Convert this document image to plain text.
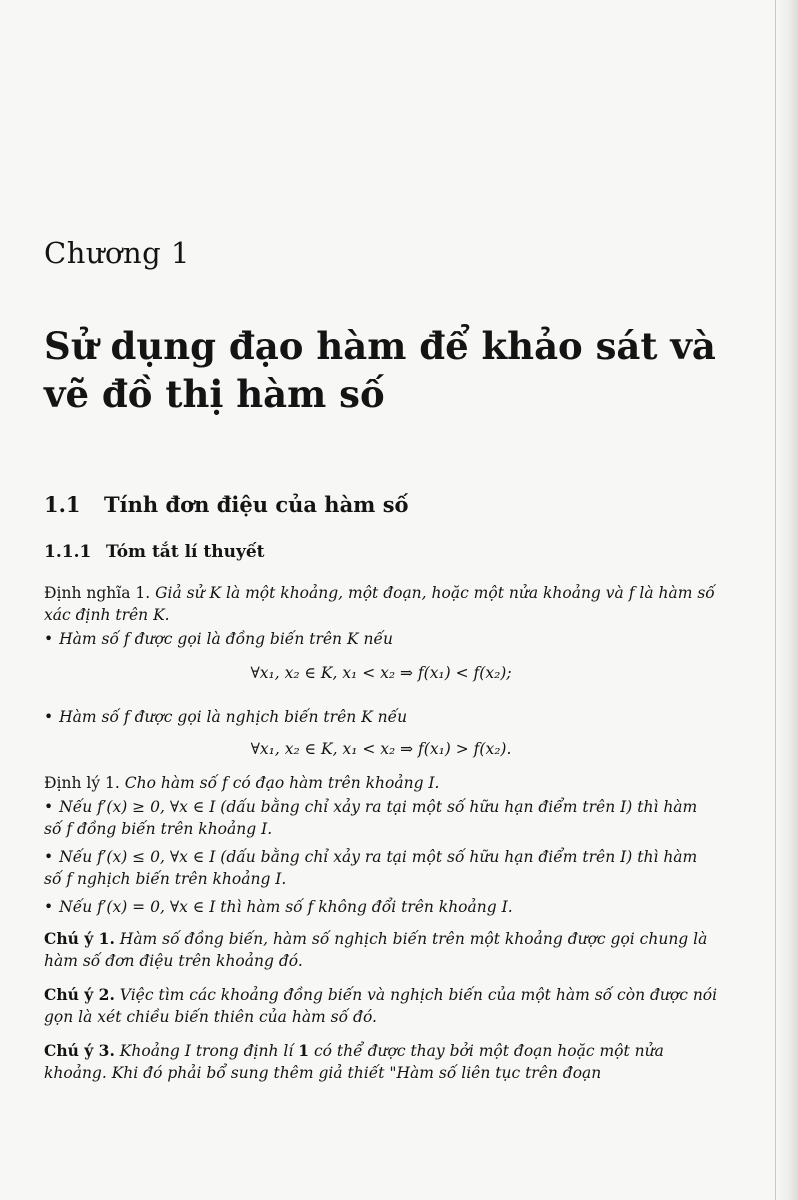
Chương 1
Sử dụng đạo hàm để khảo sát và vẽ đồ thị hàm số
1.1 Tính đơn điệu của hàm số
1.1.1 Tóm tắt lí thuyết
Định nghĩa 1. Giả sử K là một khoảng, một đoạn, hoặc một nửa khoảng và f là hàm số xác định trên K.
• Hàm số f được gọi là đồng biến trên K nếu
∀x₁, x₂ ∈ K, x₁ < x₂ ⇒ f(x₁) < f(x₂);
• Hàm số f được gọi là nghịch biến trên K nếu
∀x₁, x₂ ∈ K, x₁ < x₂ ⇒ f(x₁) > f(x₂).
Định lý 1. Cho hàm số f có đạo hàm trên khoảng I.
• Nếu f′(x) ≥ 0, ∀x ∈ I (dấu bằng chỉ xảy ra tại một số hữu hạn điểm trên I) thì hàm số f đồng biến trên khoảng I.
• Nếu f′(x) ≤ 0, ∀x ∈ I (dấu bằng chỉ xảy ra tại một số hữu hạn điểm trên I) thì hàm số f nghịch biến trên khoảng I.
• Nếu f′(x) = 0, ∀x ∈ I thì hàm số f không đổi trên khoảng I.
Chú ý 1. Hàm số đồng biến, hàm số nghịch biến trên một khoảng được gọi chung là hàm số đơn điệu trên khoảng đó.
Chú ý 2. Việc tìm các khoảng đồng biến và nghịch biến của một hàm số còn được nói gọn là xét chiều biến thiên của hàm số đó.
Chú ý 3. Khoảng I trong định lí 1 có thể được thay bởi một đoạn hoặc một nửa khoảng. Khi đó phải bổ sung thêm giả thiết "Hàm số liên tục trên đoạn
